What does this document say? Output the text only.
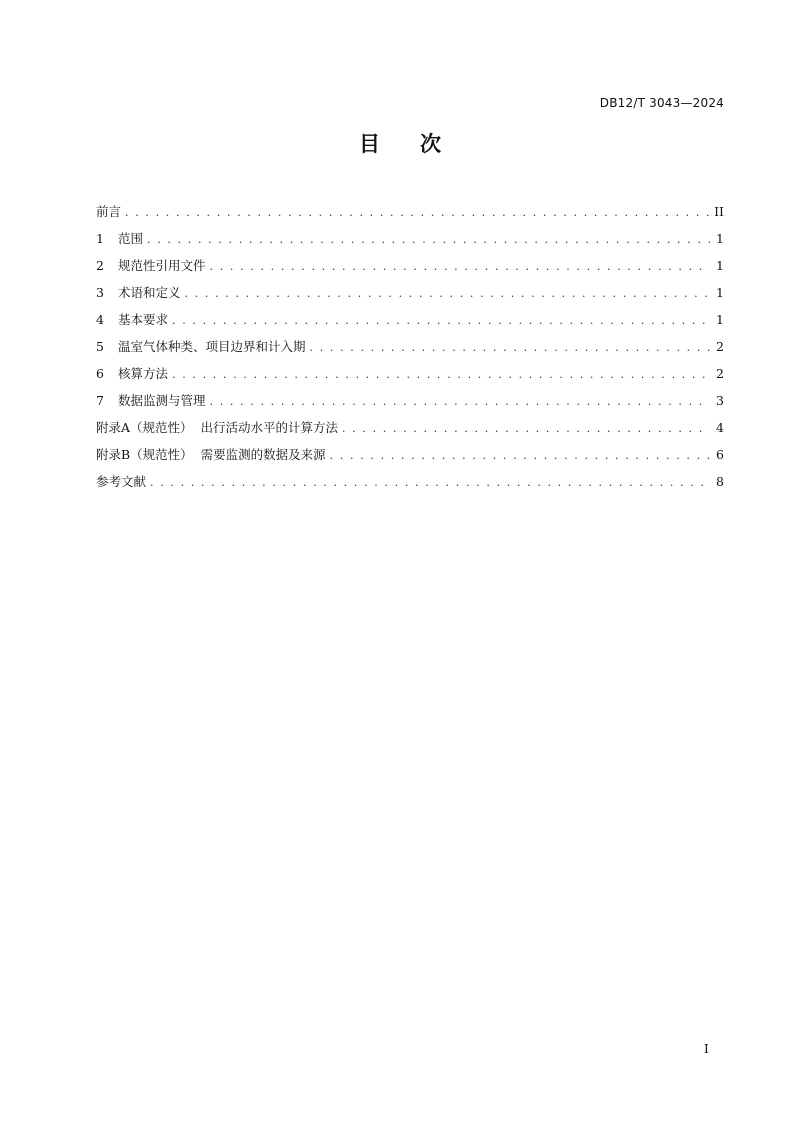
DB12/T 3043—2024
目 次
前言 . . .	II
1	范围 . . .	1
2	规范性引用文件 . . .	1
3	术语和定义 . . .	1
4	基本要求 . . .	1
5	温室气体种类、项目边界和计入期 . . .	2
6	核算方法 . . .	2
7	数据监测与管理 . . .	3
附录A（规范性）  出行活动水平的计算方法 . . .	4
附录B（规范性）  需要监测的数据及来源 . . .	6
参考文献 . . .	8
I
